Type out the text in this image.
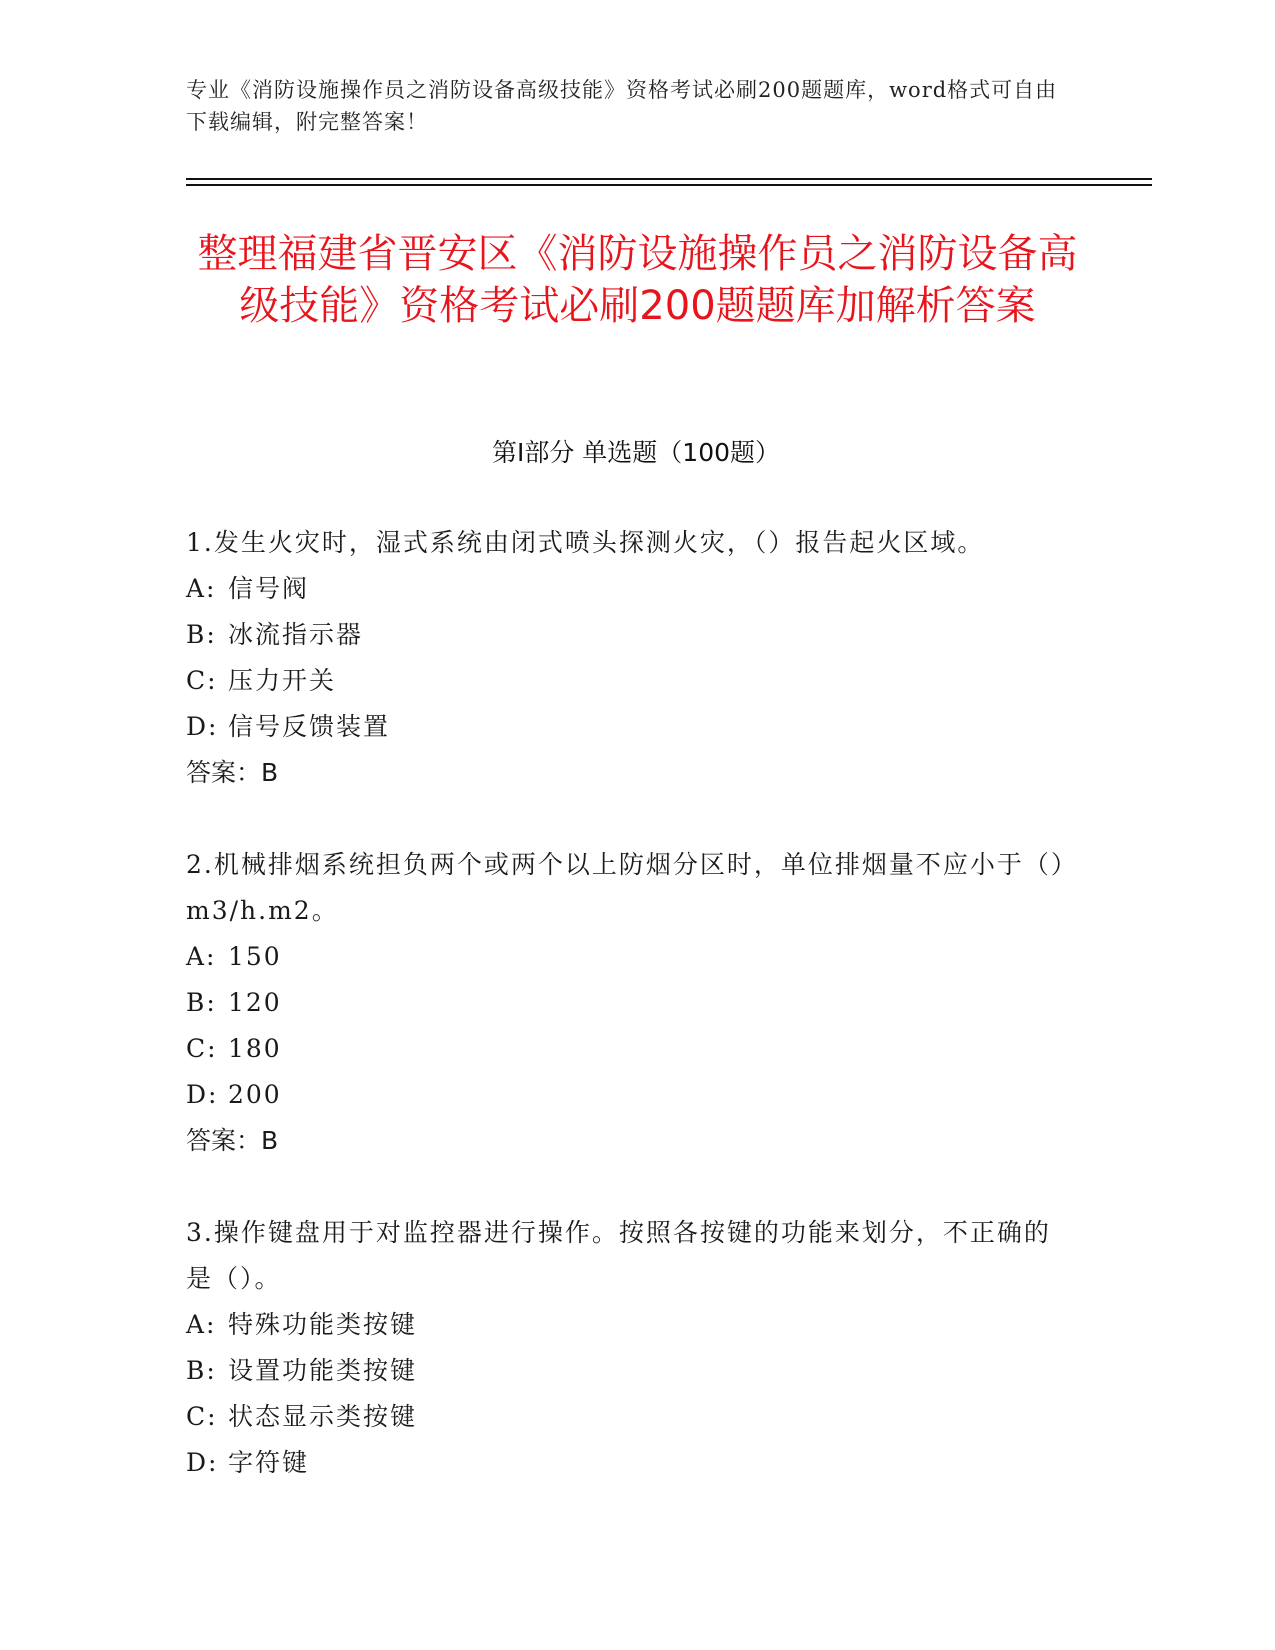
专业《消防设施操作员之消防设备高级技能》资格考试必刷200题题库，word格式可自由下载编辑，附完整答案！
整理福建省晋安区《消防设施操作员之消防设备高级技能》资格考试必刷200题题库加解析答案
第Ⅰ部分 单选题（100题）

1.发生火灾时，湿式系统由闭式喷头探测火灾，（）报告起火区域。

A: 信号阀

B: 冰流指示器

C: 压力开关

D: 信号反馈装置

答案：B

2.机械排烟系统担负两个或两个以上防烟分区时，单位排烟量不应小于（）m3/h.m2。

A: 150

B: 120

C: 180

D: 200

答案：B

3.操作键盘用于对监控器进行操作。按照各按键的功能来划分，不正确的是（）。

A: 特殊功能类按键

B: 设置功能类按键

C: 状态显示类按键

D: 字符键
